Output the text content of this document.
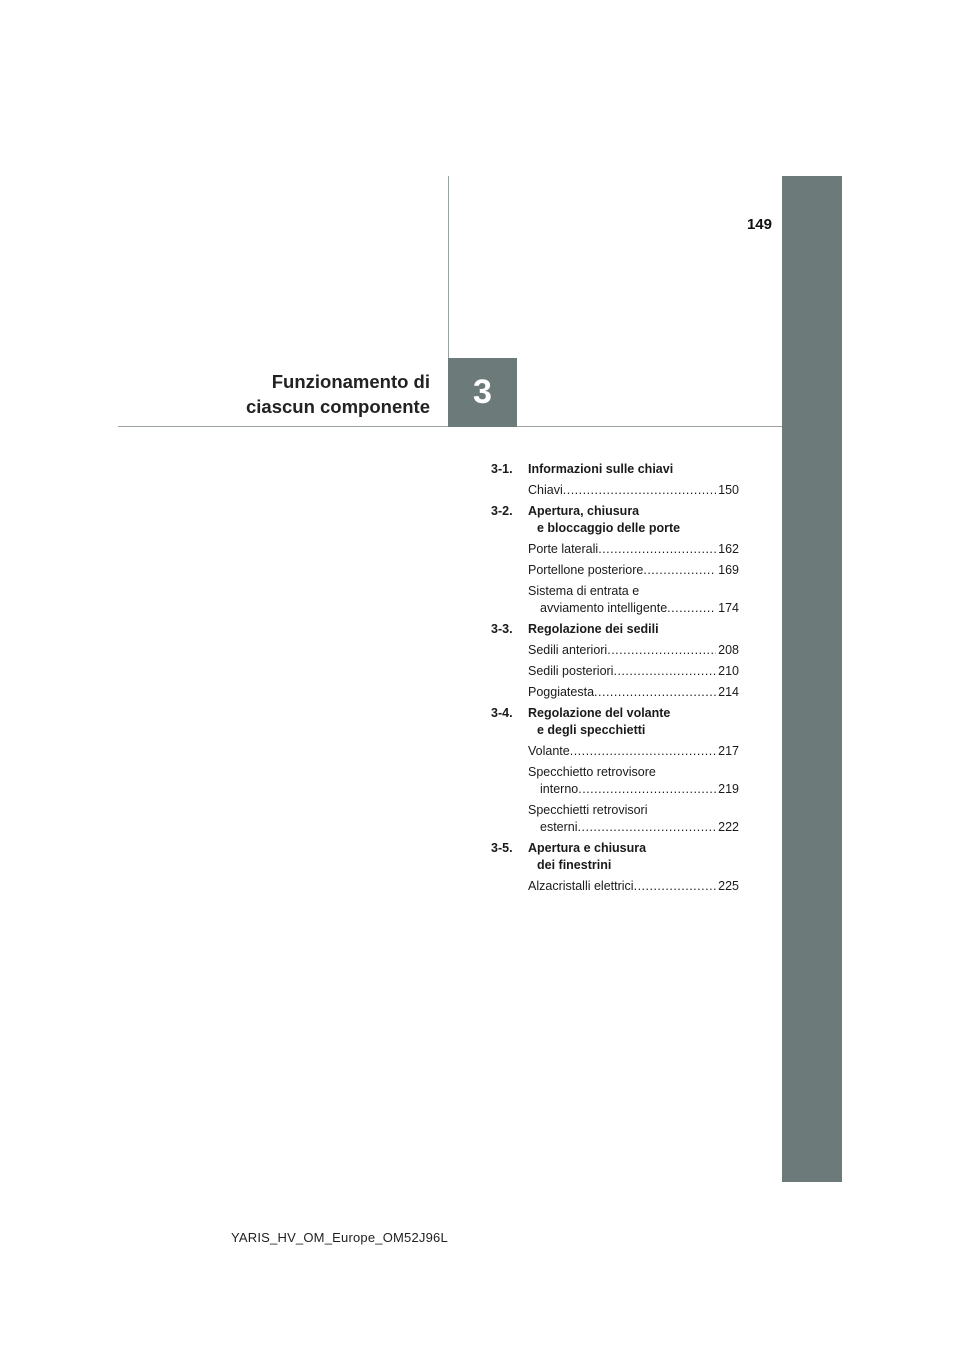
149
Funzionamento di
ciascun componente 3
3-1.	Informazioni sulle chiavi
Chiavi .....	150
3-2.	Apertura, chiusura
e bloccaggio delle porte
Porte laterali .....	162
Portellone posteriore .....	169
Sistema di entrata e
avviamento intelligente .....	174
3-3.	Regolazione dei sedili
Sedili anteriori .....	208
Sedili posteriori .....	210
Poggiatesta .....	214
3-4.	Regolazione del volante
e degli specchietti
Volante .....	217
Specchietto retrovisore
interno .....	219
Specchietti retrovisori
esterni .....	222
3-5.	Apertura e chiusura
dei finestrini
Alzacristalli elettrici .....	225
YARIS_HV_OM_Europe_OM52J96L
